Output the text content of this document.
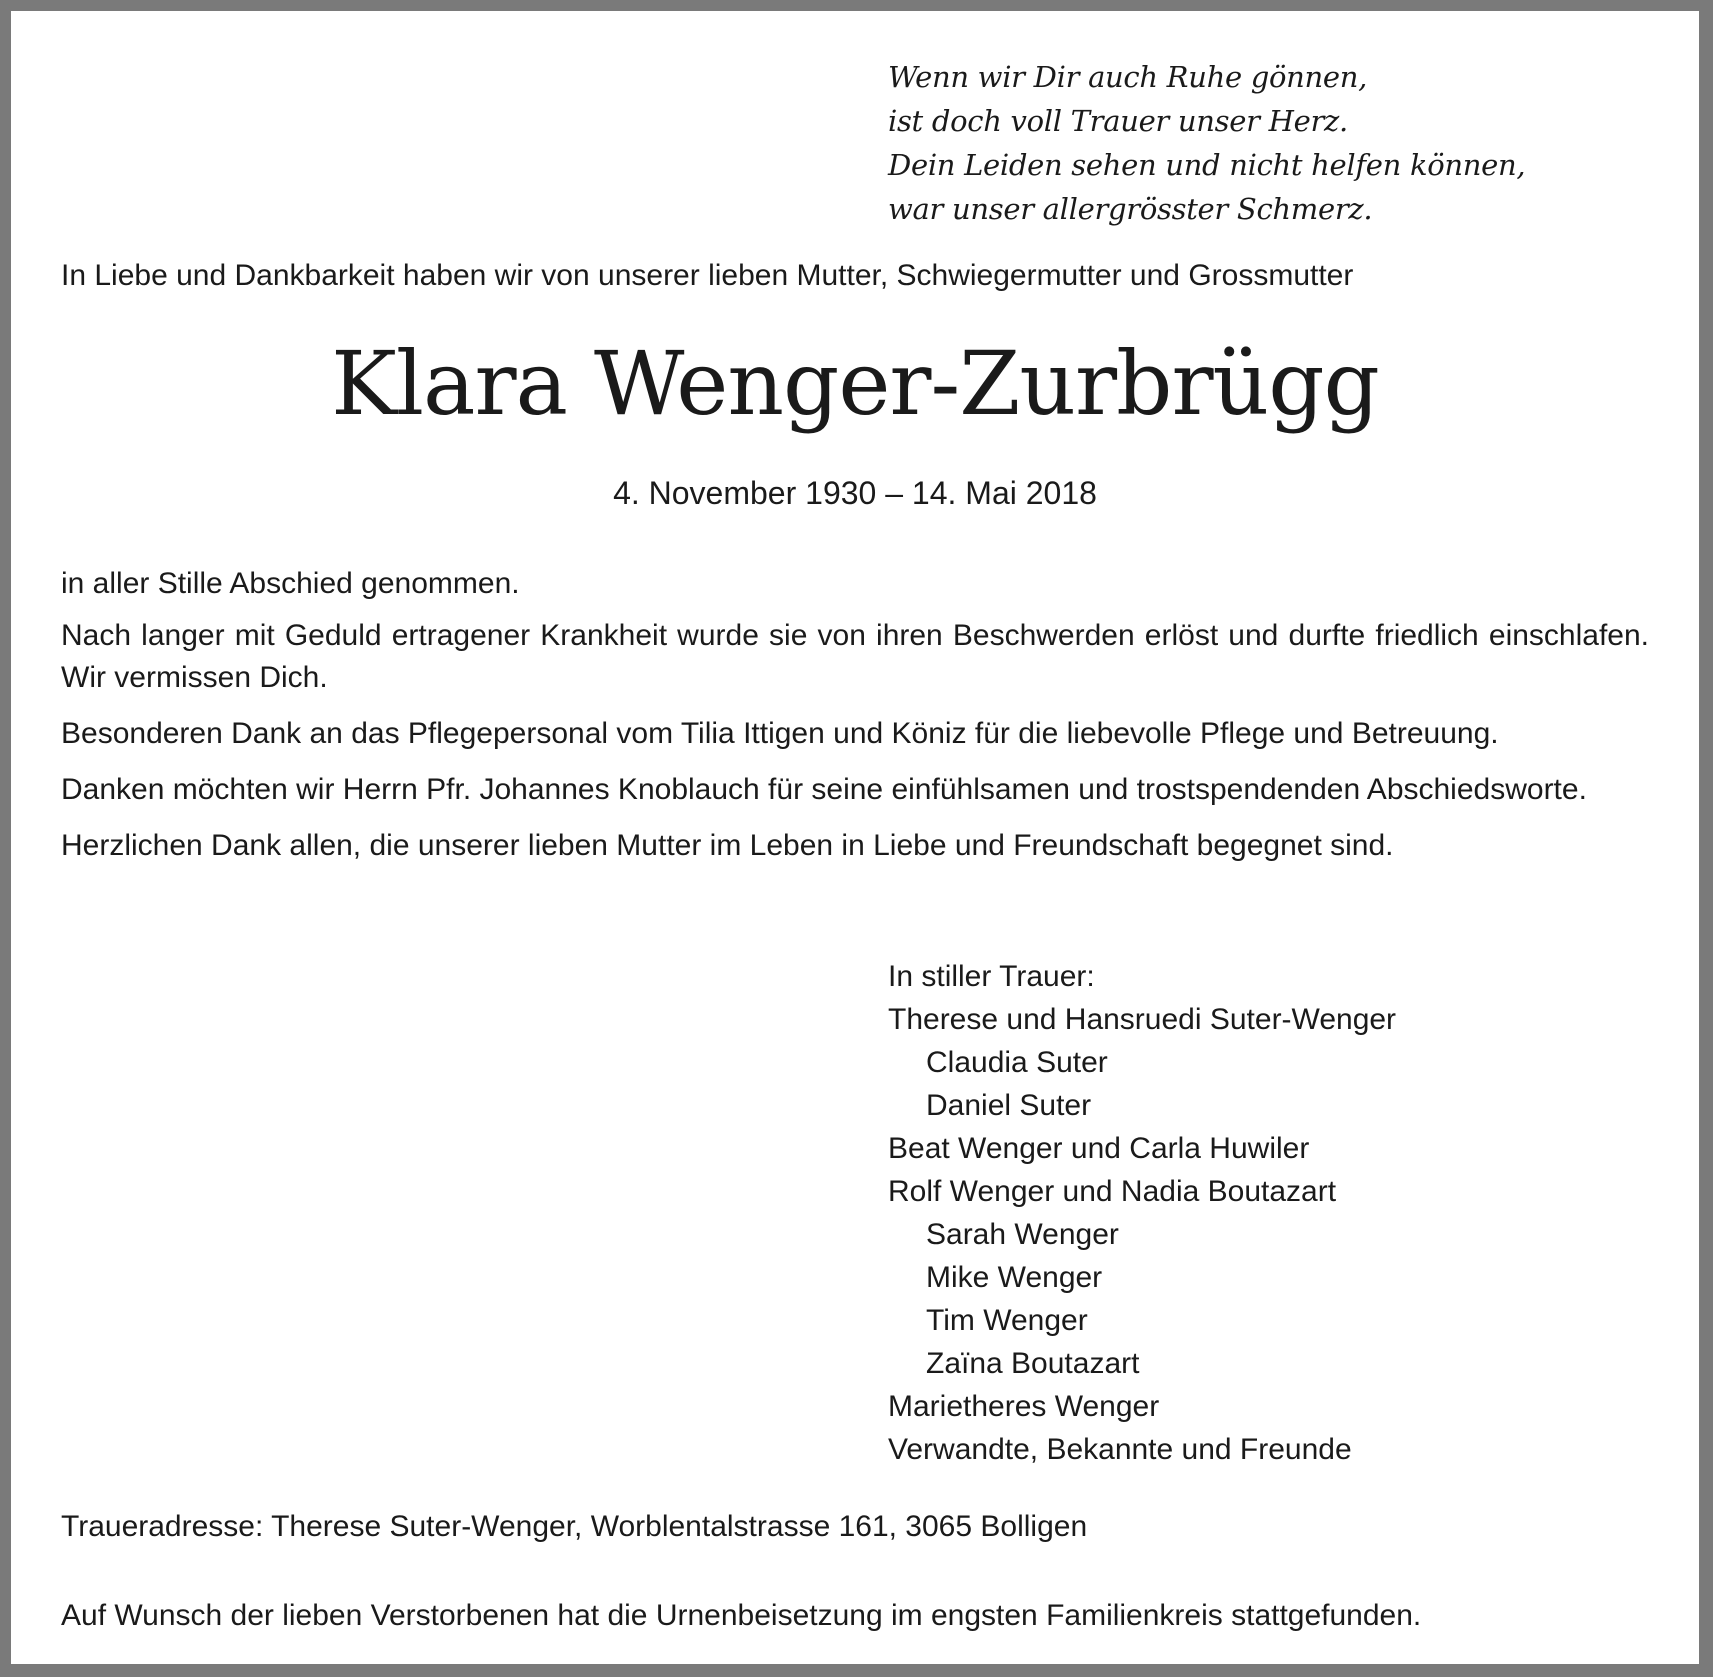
Wenn wir Dir auch Ruhe gönnen,
ist doch voll Trauer unser Herz.
Dein Leiden sehen und nicht helfen können,
war unser allergrösster Schmerz.
In Liebe und Dankbarkeit haben wir von unserer lieben Mutter, Schwiegermutter und Grossmutter
Klara Wenger-Zurbrügg
4. November 1930 – 14. Mai 2018

in aller Stille Abschied genommen.

Nach langer mit Geduld ertragener Krankheit wurde sie von ihren Beschwerden erlöst und durfte friedlich einschlafen. Wir vermissen Dich.

Besonderen Dank an das Pflegepersonal vom Tilia Ittigen und Köniz für die liebevolle Pflege und Betreuung.

Danken möchten wir Herrn Pfr. Johannes Knoblauch für seine einfühlsamen und trostspendenden Abschiedsworte.

Herzlichen Dank allen, die unserer lieben Mutter im Leben in Liebe und Freundschaft begegnet sind.

In stiller Trauer:
Therese und Hansruedi Suter-Wenger
Claudia Suter
Daniel Suter
Beat Wenger und Carla Huwiler
Rolf Wenger und Nadia Boutazart
Sarah Wenger
Mike Wenger
Tim Wenger
Zaïna Boutazart
Marietheres Wenger
Verwandte, Bekannte und Freunde
Traueradresse: Therese Suter-Wenger, Worblentalstrasse 161, 3065 Bolligen
Auf Wunsch der lieben Verstorbenen hat die Urnenbeisetzung im engsten Familienkreis stattgefunden.
